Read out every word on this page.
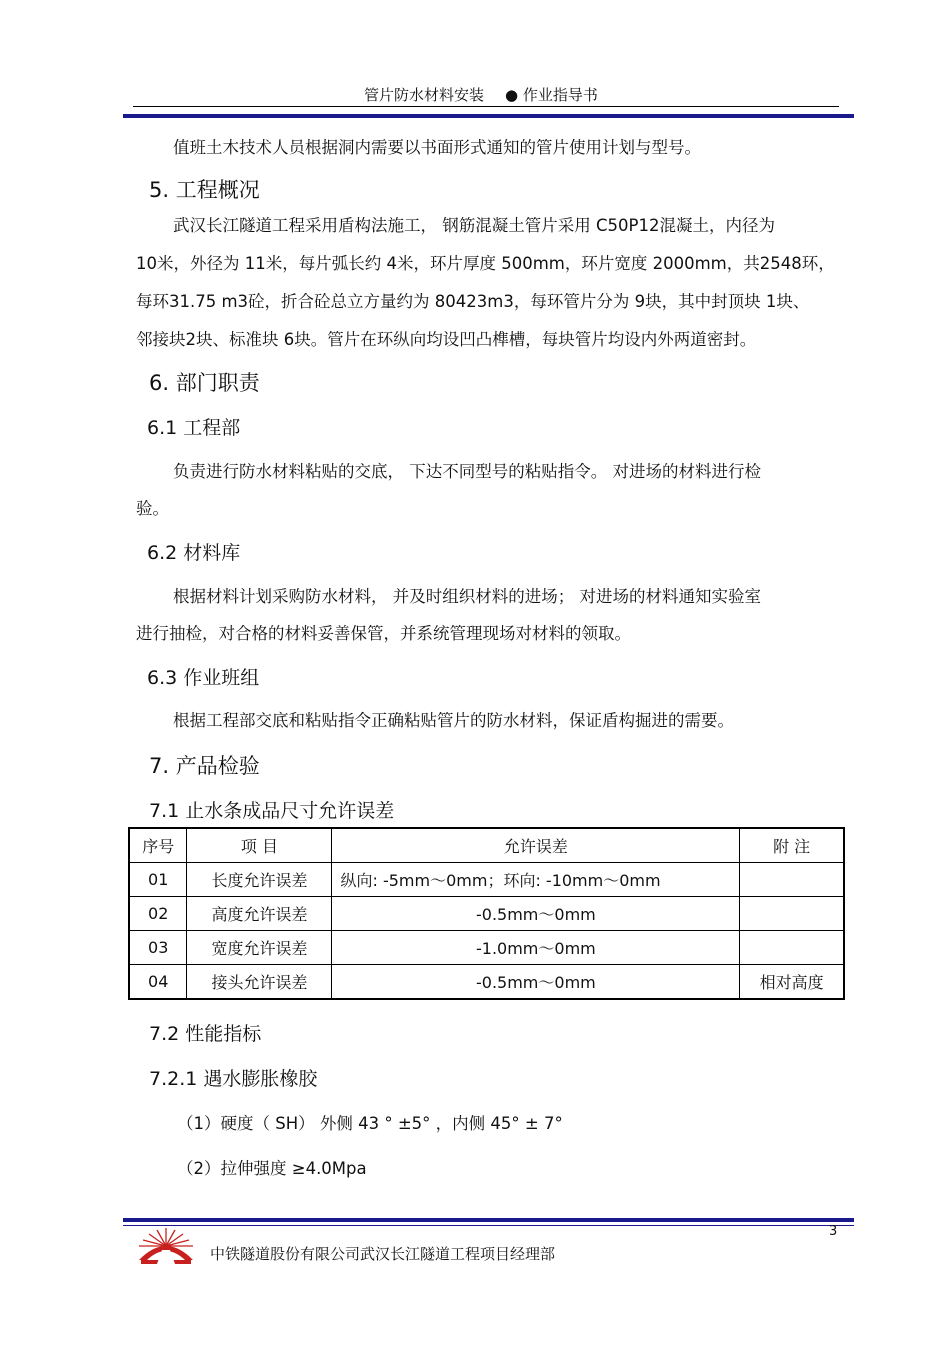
管片防水材料安装 ● 作业指导书
值班土木技术人员根据洞内需要以书面形式通知的管片使用计划与型号。
5. 工程概况
武汉长江隧道工程采用盾构法施工， 钢筋混凝土管片采用 C50P12混凝土，内径为
10米，外径为 11米，每片弧长约 4米，环片厚度 500mm，环片宽度 2000mm，共2548环，
每环31.75 m3砼，折合砼总立方量约为 80423m3，每环管片分为 9块，其中封顶块 1块、
邻接块2块、标准块 6块。管片在环纵向均设凹凸榫槽，每块管片均设内外两道密封。
6. 部门职责
6.1 工程部
负责进行防水材料粘贴的交底， 下达不同型号的粘贴指令。 对进场的材料进行检
验。
6.2 材料库
根据材料计划采购防水材料， 并及时组织材料的进场； 对进场的材料通知实验室
进行抽检，对合格的材料妥善保管，并系统管理现场对材料的领取。
6.3 作业班组
根据工程部交底和粘贴指令正确粘贴管片的防水材料，保证盾构掘进的需要。
7. 产品检验
7.1 止水条成品尺寸允许误差
序号	项 目	允许误差	附 注
01	长度允许误差	纵向: -5mm～0mm；环向: -10mm～0mm	
02	高度允许误差	-0.5mm～0mm	
03	宽度允许误差	-1.0mm～0mm	
04	接头允许误差	-0.5mm～0mm	相对高度
7.2 性能指标
7.2.1 遇水膨胀橡胶
（1）硬度（ SH） 外侧 43 ° ±5° ，内侧 45° ± 7°
（2）拉伸强度 ≥4.0Mpa
3
中铁隧道股份有限公司武汉长江隧道工程项目经理部
